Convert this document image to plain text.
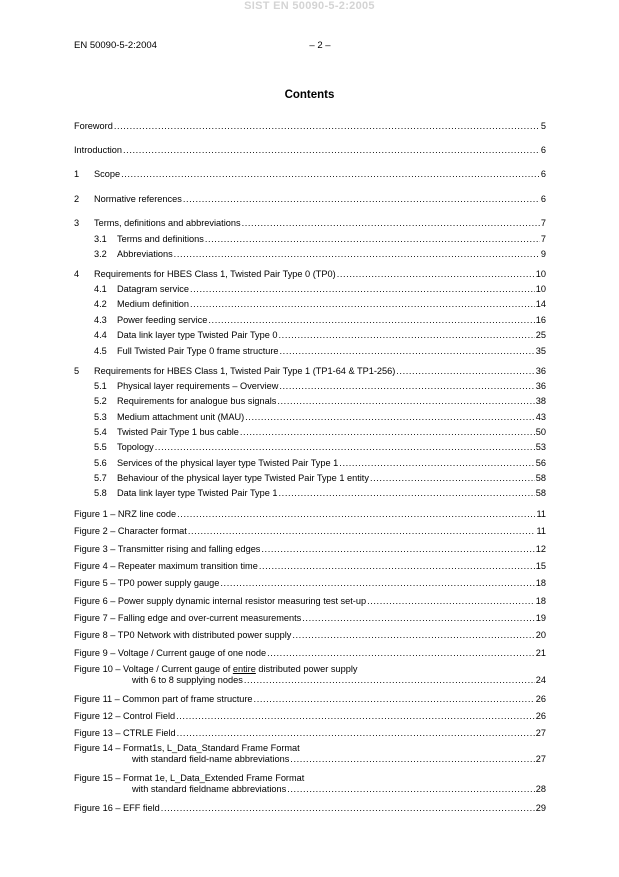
SIST EN 50090-5-2:2005
EN 50090-5-2:2004	– 2 –
Contents
Foreword .....	5
Introduction .....	6
1	Scope .....	6
2	Normative references .....	6
3	Terms, definitions and abbreviations .....	7
3.1	Terms and definitions .....	7
3.2	Abbreviations .....	9
4	Requirements for HBES Class 1, Twisted Pair Type 0 (TP0) .....	10
4.1	Datagram service .....	10
4.2	Medium definition .....	14
4.3	Power feeding service .....	16
4.4	Data link layer type Twisted Pair Type 0 .....	25
4.5	Full Twisted Pair Type 0 frame structure .....	35
5	Requirements for HBES Class 1, Twisted Pair Type 1 (TP1-64 & TP1-256) .....	36
5.1	Physical layer requirements – Overview .....	36
5.2	Requirements for analogue bus signals .....	38
5.3	Medium attachment unit (MAU) .....	43
5.4	Twisted Pair Type 1 bus cable .....	50
5.5	Topology .....	53
5.6	Services of the physical layer type Twisted Pair Type 1 .....	56
5.7	Behaviour of the physical layer type Twisted Pair Type 1 entity .....	58
5.8	Data link layer type Twisted Pair Type 1 .....	58
Figure 1 – NRZ line code .....	11
Figure 2 – Character format .....	11
Figure 3 – Transmitter rising and falling edges .....	12
Figure 4 – Repeater maximum transition time .....	15
Figure 5 – TP0 power supply gauge .....	18
Figure 6 – Power supply dynamic internal resistor measuring test set-up .....	18
Figure 7 – Falling edge and over-current measurements .....	19
Figure 8 – TP0 Network with distributed power supply .....	20
Figure 9 – Voltage / Current gauge of one node .....	21
Figure 10 – Voltage / Current gauge of entire distributed power supply
with 6 to 8 supplying nodes .....	24
Figure 11 – Common part of frame structure .....	26
Figure 12 – Control Field .....	26
Figure 13 – CTRLE Field .....	27
Figure 14 – Format1s, L_Data_Standard Frame Format
with standard field-name abbreviations .....	27
Figure 15 – Format 1e, L_Data_Extended Frame Format
with standard fieldname abbreviations .....	28
Figure 16 – EFF field .....	29
